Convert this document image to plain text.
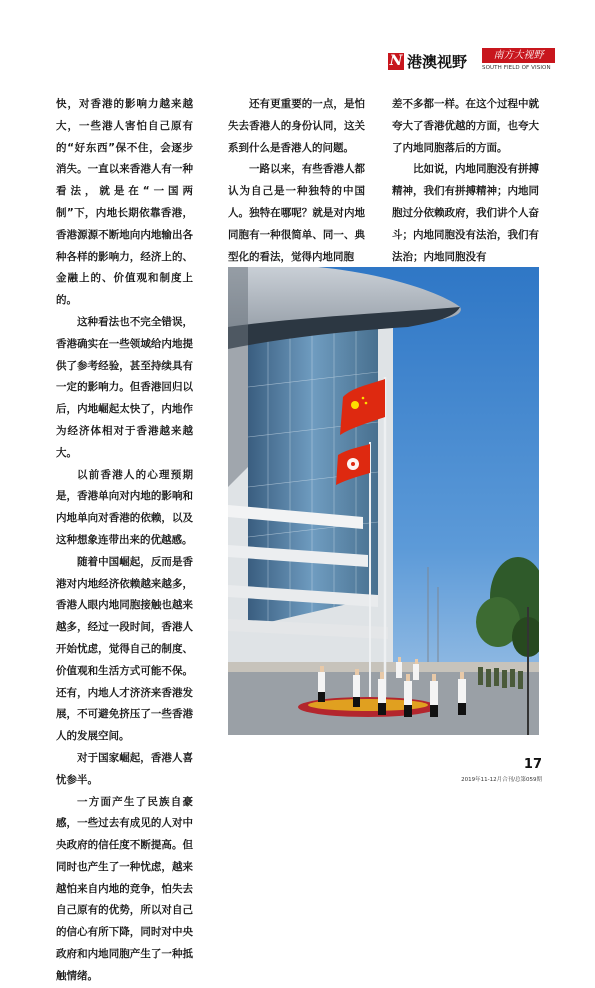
N 港澳视野	南方大视野
SOUTH FIELD OF VISION

快，对香港的影响力越来越大，一些港人害怕自己原有的“好东西”保不住，会逐步消失。一直以来香港人有一种看法，就是在“一国两制”下，内地长期依靠香港，香港源源不断地向内地输出各种各样的影响力，经济上的、金融上的、价值观和制度上的。

这种看法也不完全错误，香港确实在一些领域给内地提供了参考经验，甚至持续具有一定的影响力。但香港回归以后，内地崛起太快了，内地作为经济体相对于香港越来越大。

以前香港人的心理预期是，香港单向对内地的影响和内地单向对香港的依赖，以及这种想象连带出来的优越感。

随着中国崛起，反而是香港对内地经济依赖越来越多，香港人眼内地同胞接触也越来越多，经过一段时间，香港人开始忧虑，觉得自己的制度、价值观和生活方式可能不保。还有，内地人才济济来香港发展，不可避免挤压了一些香港人的发展空间。

对于国家崛起，香港人喜忧参半。

一方面产生了民族自豪感，一些过去有成见的人对中央政府的信任度不断提高。但同时也产生了一种忧虑，越来越怕来自内地的竞争，怕失去自己原有的优势，所以对自己的信心有所下降，同时对中央政府和内地同胞产生了一种抵触情绪。

还有更重要的一点，是怕失去香港人的身份认同，这关系到什么是香港人的问题。

一路以来，有些香港人都认为自己是一种独特的中国人。独特在哪呢？就是对内地同胞有一种很简单、同一、典型化的看法，觉得内地同胞

差不多都一样。在这个过程中就夸大了香港优越的方面，也夸大了内地同胞落后的方面。

比如说，内地同胞没有拼搏精神，我们有拼搏精神；内地同胞过分依赖政府，我们讲个人奋斗；内地同胞没有法治，我们有法治；内地同胞没有

17
2019年11-12月合刊/总第059期
